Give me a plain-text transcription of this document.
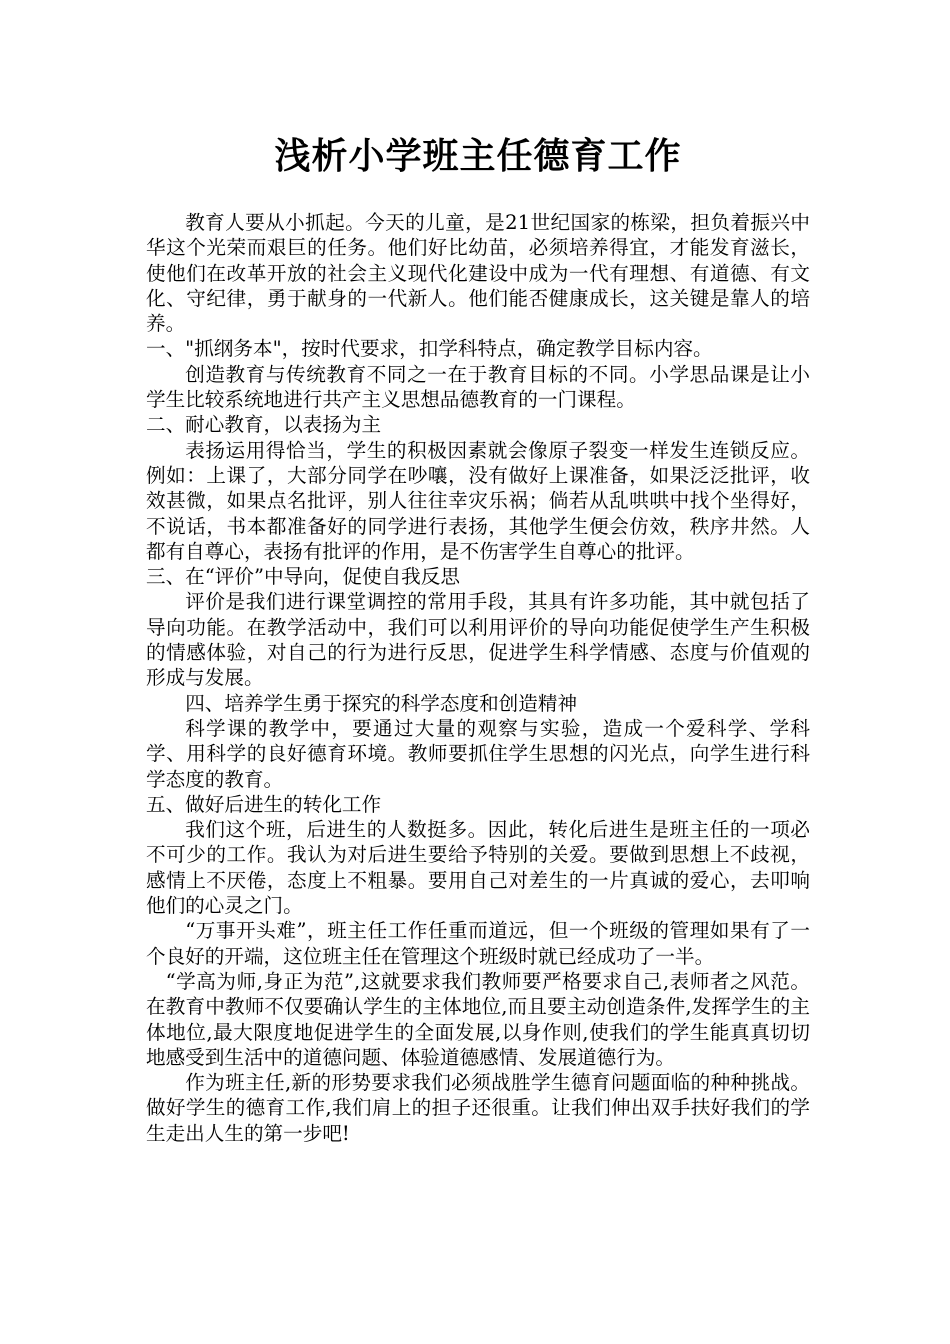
浅析小学班主任德育工作

教育人要从小抓起。今天的儿童，是21世纪国家的栋梁，担负着振兴中华这个光荣而艰巨的任务。他们好比幼苗，必须培养得宜，才能发育滋长，使他们在改革开放的社会主义现代化建设中成为一代有理想、有道德、有文化、守纪律，勇于献身的一代新人。他们能否健康成长，这关键是靠人的培养。

一、"抓纲务本"，按时代要求，扣学科特点，确定教学目标内容。

创造教育与传统教育不同之一在于教育目标的不同。小学思品课是让小学生比较系统地进行共产主义思想品德教育的一门课程。

二、耐心教育，以表扬为主

表扬运用得恰当，学生的积极因素就会像原子裂变一样发生连锁反应。例如：上课了，大部分同学在吵嚷，没有做好上课准备，如果泛泛批评，收效甚微，如果点名批评，别人往往幸灾乐祸；倘若从乱哄哄中找个坐得好，不说话，书本都准备好的同学进行表扬，其他学生便会仿效，秩序井然。人都有自尊心，表扬有批评的作用，是不伤害学生自尊心的批评。

三、在“评价”中导向，促使自我反思

评价是我们进行课堂调控的常用手段，其具有许多功能，其中就包括了导向功能。在教学活动中，我们可以利用评价的导向功能促使学生产生积极的情感体验，对自己的行为进行反思，促进学生科学情感、态度与价值观的形成与发展。

四、培养学生勇于探究的科学态度和创造精神

科学课的教学中，要通过大量的观察与实验，造成一个爱科学、学科学、用科学的良好德育环境。教师要抓住学生思想的闪光点，向学生进行科学态度的教育。

五、做好后进生的转化工作

我们这个班，后进生的人数挺多。因此，转化后进生是班主任的一项必不可少的工作。我认为对后进生要给予特别的关爱。要做到思想上不歧视，感情上不厌倦，态度上不粗暴。要用自己对差生的一片真诚的爱心，去叩响他们的心灵之门。

“万事开头难”，班主任工作任重而道远，但一个班级的管理如果有了一个良好的开端，这位班主任在管理这个班级时就已经成功了一半。

“学高为师,身正为范”,这就要求我们教师要严格要求自己,表师者之风范。在教育中教师不仅要确认学生的主体地位,而且要主动创造条件,发挥学生的主体地位,最大限度地促进学生的全面发展,以身作则,使我们的学生能真真切切地感受到生活中的道德问题、体验道德感情、发展道德行为。

作为班主任,新的形势要求我们必须战胜学生德育问题面临的种种挑战。做好学生的德育工作,我们肩上的担子还很重。让我们伸出双手扶好我们的学生走出人生的第一步吧!
